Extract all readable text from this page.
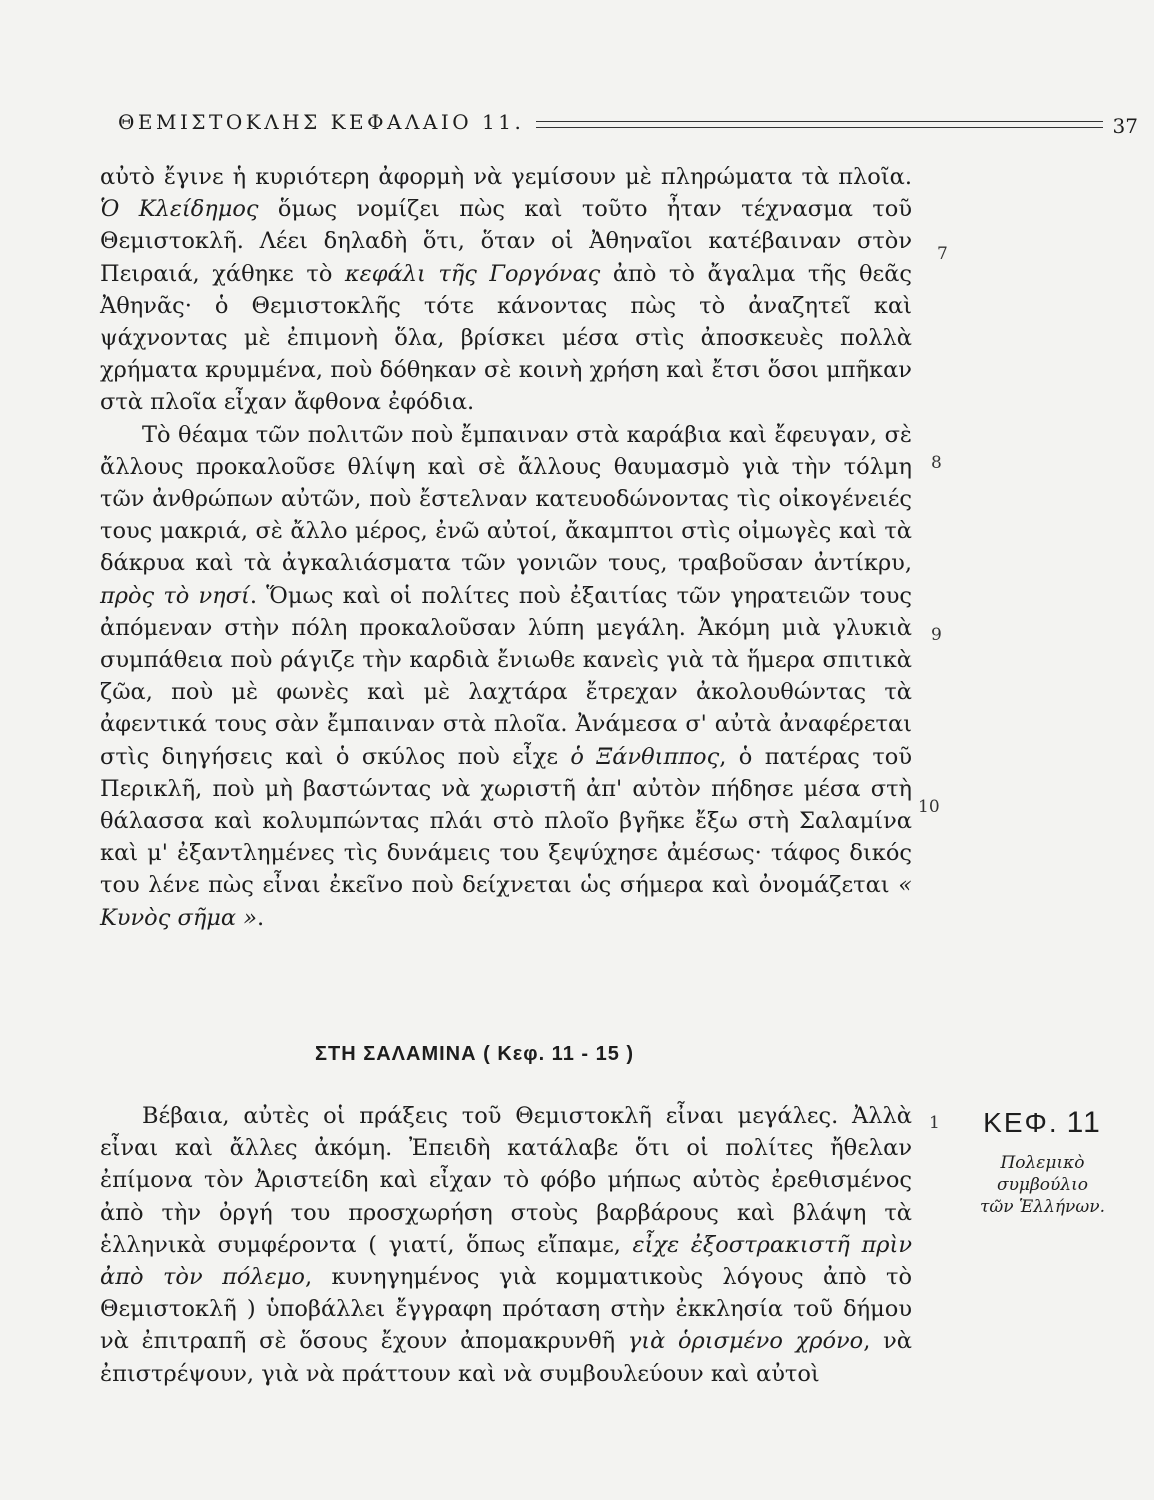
ΘΕΜΙΣΤΟΚΛΗΣ ΚΕΦΑΛΑΙΟ 11.	37

αὐτὸ ἔγινε ἡ κυριότερη ἀφορμὴ νὰ γεμίσουν μὲ πληρώματα τὰ πλοῖα. Ὁ Κλείδημος ὅμως νομίζει πὼς καὶ τοῦτο ἦταν τέχνασμα τοῦ Θεμιστοκλῆ. Λέει δηλαδὴ ὅτι, ὅταν οἱ Ἀθηναῖοι κατέβαιναν στὸν Πειραιά, χάθηκε τὸ κεφάλι τῆς Γοργόνας ἀπὸ τὸ ἄγαλμα τῆς θεᾶς Ἀθηνᾶς· ὁ Θεμιστοκλῆς τότε κάνοντας πὼς τὸ ἀναζητεῖ καὶ ψάχνοντας μὲ ἐπιμονὴ ὅλα, βρίσκει μέσα στὶς ἀποσκευὲς πολλὰ χρήματα κρυμμένα, ποὺ δόθηκαν σὲ κοινὴ χρήση καὶ ἔτσι ὅσοι μπῆκαν στὰ πλοῖα εἶχαν ἄφθονα ἐφόδια.

Τὸ θέαμα τῶν πολιτῶν ποὺ ἔμπαιναν στὰ καράβια καὶ ἔφευγαν, σὲ ἄλλους προκαλοῦσε θλίψη καὶ σὲ ἄλλους θαυμασμὸ γιὰ τὴν τόλμη τῶν ἀνθρώπων αὐτῶν, ποὺ ἔστελναν κατευοδώνοντας τὶς οἰκογένειές τους μακριά, σὲ ἄλλο μέρος, ἐνῶ αὐτοί, ἄκαμπτοι στὶς οἰμωγὲς καὶ τὰ δάκρυα καὶ τὰ ἀγκαλιάσματα τῶν γονιῶν τους, τραβοῦσαν ἀντίκρυ, πρὸς τὸ νησί. Ὅμως καὶ οἱ πολίτες ποὺ ἐξαιτίας τῶν γηρατειῶν τους ἀπόμεναν στὴν πόλη προκαλοῦσαν λύπη μεγάλη. Ἀκόμη μιὰ γλυκιὰ συμπάθεια ποὺ ράγιζε τὴν καρδιὰ ἔνιωθε κανεὶς γιὰ τὰ ἥμερα σπιτικὰ ζῶα, ποὺ μὲ φωνὲς καὶ μὲ λαχτάρα ἔτρεχαν ἀκολουθώντας τὰ ἀφεντικά τους σὰν ἔμπαιναν στὰ πλοῖα. Ἀνάμεσα σ' αὐτὰ ἀναφέρεται στὶς διηγήσεις καὶ ὁ σκύλος ποὺ εἶχε ὁ Ξάνθιππος, ὁ πατέρας τοῦ Περικλῆ, ποὺ μὴ βαστώντας νὰ χωριστῆ ἀπ' αὐτὸν πήδησε μέσα στὴ θάλασσα καὶ κολυμπώντας πλάι στὸ πλοῖο βγῆκε ἔξω στὴ Σαλαμίνα καὶ μ' ἐξαντλημένες τὶς δυνάμεις του ξεψύχησε ἀμέσως· τάφος δικός του λένε πὼς εἶναι ἐκεῖνο ποὺ δείχνεται ὡς σήμερα καὶ ὀνομάζεται « Κυνὸς σῆμα ».

ΣΤΗ ΣΑΛΑΜΙΝΑ ( Κεφ. 11 - 15 )

Βέβαια, αὐτὲς οἱ πράξεις τοῦ Θεμιστοκλῆ εἶναι μεγάλες. Ἀλλὰ εἶναι καὶ ἄλλες ἀκόμη. Ἐπειδὴ κατάλαβε ὅτι οἱ πολίτες ἤθελαν ἐπίμονα τὸν Ἀριστείδη καὶ εἶχαν τὸ φόβο μήπως αὐτὸς ἐρεθισμένος ἀπὸ τὴν ὀργή του προσχωρήση στοὺς βαρβάρους καὶ βλάψη τὰ ἑλληνικὰ συμφέροντα ( γιατί, ὅπως εἴπαμε, εἶχε ἐξοστρακιστῆ πρὶν ἀπὸ τὸν πόλεμο, κυνηγημένος γιὰ κομματικοὺς λόγους ἀπὸ τὸ Θεμιστοκλῆ ) ὑποβάλλει ἔγγραφη πρόταση στὴν ἐκκλησία τοῦ δήμου νὰ ἐπιτραπῆ σὲ ὅσους ἔχουν ἀπομακρυνθῆ γιὰ ὁρισμένο χρόνο, νὰ ἐπιστρέψουν, γιὰ νὰ πράττουν καὶ νὰ συμβουλεύουν καὶ αὐτοὶ

7
8
9
10
1	ΚΕΦ. 11
Πολεμικὸ
συμβούλιο
τῶν Ἑλλήνων.
